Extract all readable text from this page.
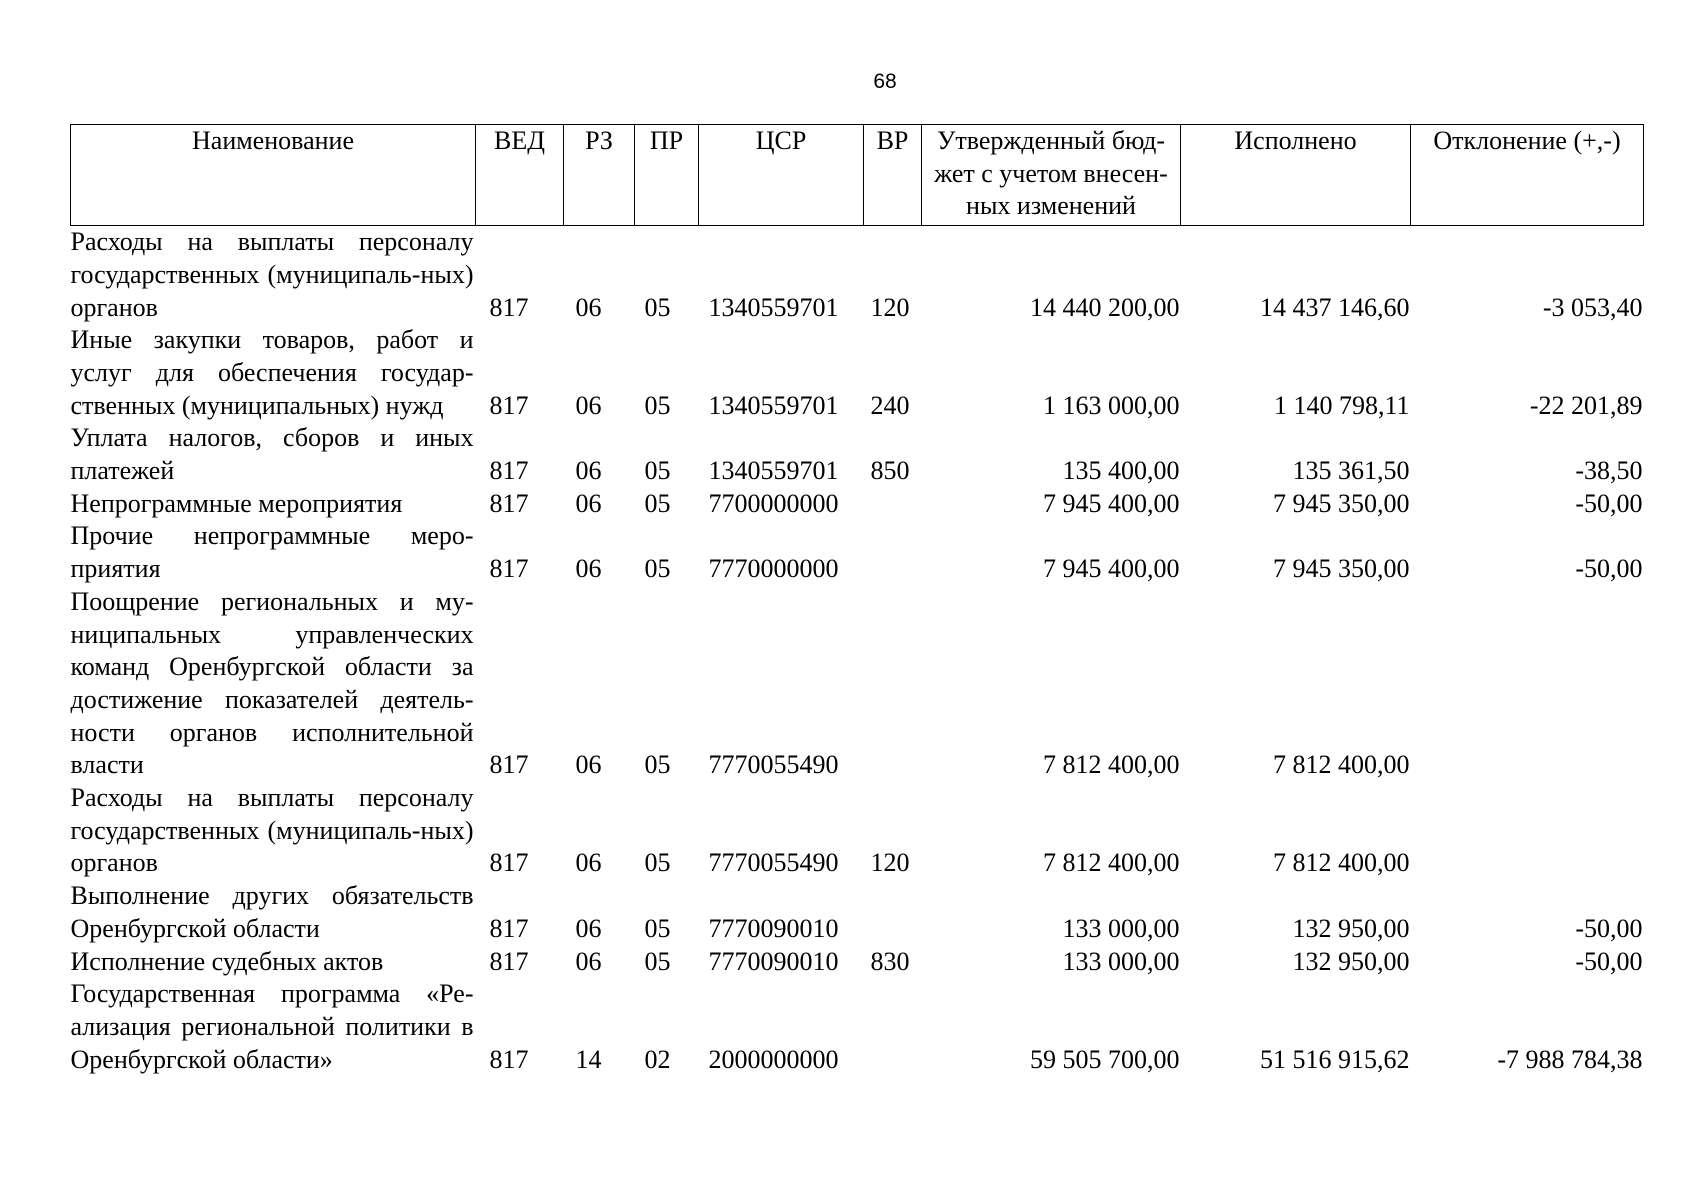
68
Наименование	ВЕД	РЗ	ПР	ЦСР	ВР	Утвержденный бюд-жет с учетом внесен-ных изменений	Исполнено	Отклонение (+,-)
Расходы на выплаты персоналу государственных (муниципаль-ных) органов	817	06	05	1340559701	120	14 440 200,00	14 437 146,60	-3 053,40
Иные закупки товаров, работ и услуг для обеспечения государ-ственных (муниципальных) нужд	817	06	05	1340559701	240	1 163 000,00	1 140 798,11	-22 201,89
Уплата налогов, сборов и иных платежей	817	06	05	1340559701	850	135 400,00	135 361,50	-38,50
Непрограммные мероприятия	817	06	05	7700000000		7 945 400,00	7 945 350,00	-50,00
Прочие непрограммные меро-приятия	817	06	05	7770000000		7 945 400,00	7 945 350,00	-50,00
Поощрение региональных и му-ниципальных управленческих команд Оренбургской области за достижение показателей деятель-ности органов исполнительной власти	817	06	05	7770055490		7 812 400,00	7 812 400,00	
Расходы на выплаты персоналу государственных (муниципаль-ных) органов	817	06	05	7770055490	120	7 812 400,00	7 812 400,00	
Выполнение других обязательств Оренбургской области	817	06	05	7770090010		133 000,00	132 950,00	-50,00
Исполнение судебных актов	817	06	05	7770090010	830	133 000,00	132 950,00	-50,00
Государственная программа «Ре-ализация региональной политики в Оренбургской области»	817	14	02	2000000000		59 505 700,00	51 516 915,62	-7 988 784,38
